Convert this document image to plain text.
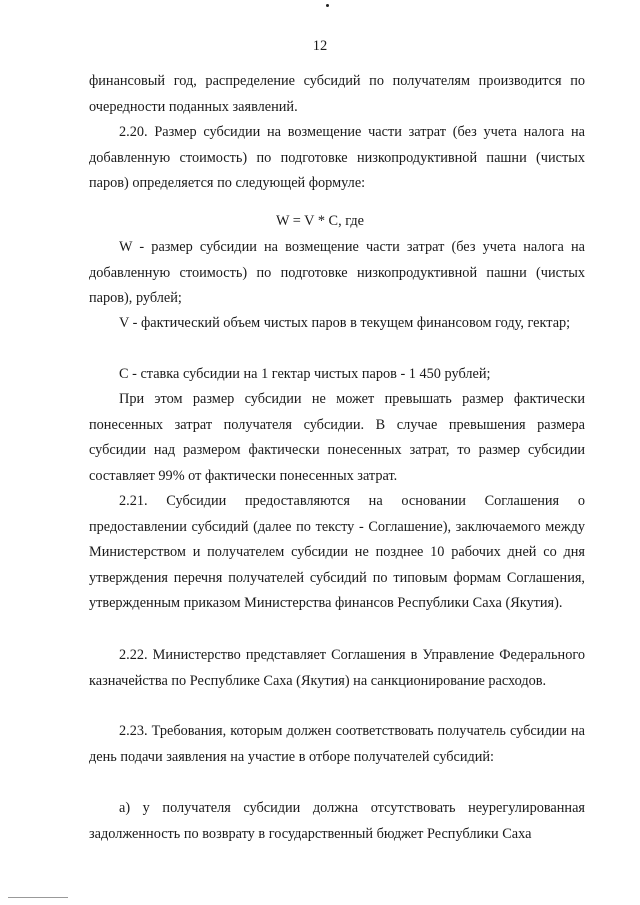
12

финансовый год, распределение субсидий по получателям производится по очередности поданных заявлений.

2.20. Размер субсидии на возмещение части затрат (без учета налога на добавленную стоимость) по подготовке низкопродуктивной пашни (чистых паров) определяется по следующей формуле:

W = V * C, где

W - размер субсидии на возмещение части затрат (без учета налога на добавленную стоимость) по подготовке низкопродуктивной пашни (чистых паров), рублей;

V - фактический объем чистых паров в текущем финансовом году, гектар;

C - ставка субсидии на 1 гектар чистых паров - 1 450 рублей;

При этом размер субсидии не может превышать размер фактически понесенных затрат получателя субсидии. В случае превышения размера субсидии над размером фактически понесенных затрат, то размер субсидии составляет 99% от фактически понесенных затрат.

2.21. Субсидии предоставляются на основании Соглашения о предоставлении субсидий (далее по тексту - Соглашение), заключаемого между Министерством и получателем субсидии не позднее 10 рабочих дней со дня утверждения перечня получателей субсидий по типовым формам Соглашения, утвержденным приказом Министерства финансов Республики Саха (Якутия).

2.22. Министерство представляет Соглашения в Управление Федерального казначейства по Республике Саха (Якутия) на санкционирование расходов.

2.23. Требования, которым должен соответствовать получатель субсидии на день подачи заявления на участие в отборе получателей субсидий:

а) у получателя субсидии должна отсутствовать неурегулированная задолженность по возврату в государственный бюджет Республики Саха
